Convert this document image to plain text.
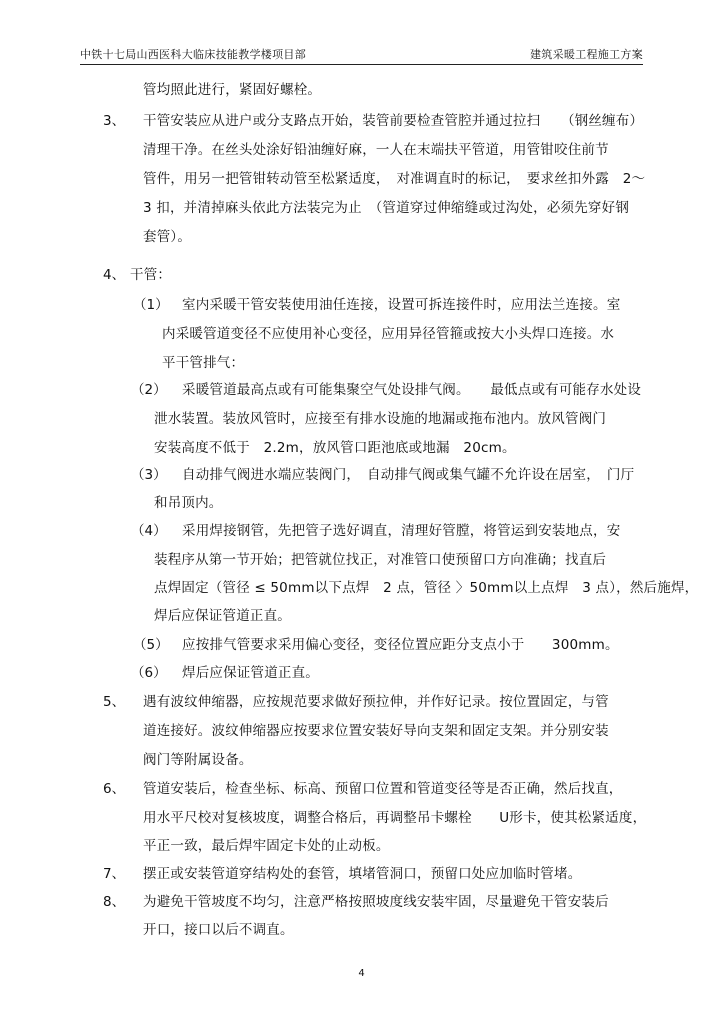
中铁十七局山西医科大临床技能教学楼项目部	建筑采暖工程施工方案
管均照此进行，紧固好螺栓。
3、 干管安装应从进户或分支路点开始，装管前要检查管腔并通过拉扫　　（钢丝缠布）
清理干净。在丝头处涂好铅油缠好麻，一人在末端扶平管道，用管钳咬住前节
管件，用另一把管钳转动管至松紧适度，　对准调直时的标记，　要求丝扣外露　2～
3 扣，并清掉麻头依此方法装完为止　（管道穿过伸缩缝或过沟处，必须先穿好钢
套管）。
4、 干管：
（1） 室内采暖干管安装使用油任连接，设置可拆连接件时，应用法兰连接。室
内采暖管道变径不应使用补心变径，应用异径管箍或按大小头焊口连接。水
平干管排气：
（2） 采暖管道最高点或有可能集聚空气处设排气阀。　　最低点或有可能存水处设
泄水装置。装放风管时，应接至有排水设施的地漏或拖布池内。放风管阀门
安装高度不低于　2.2m，放风管口距池底或地漏　20cm。
（3） 自动排气阀进水端应装阀门，　自动排气阀或集气罐不允许设在居室，　门厅
和吊顶内。
（4） 采用焊接钢管，先把管子选好调直，清理好管膛，将管运到安装地点，安
装程序从第一节开始；把管就位找正，对准管口使预留口方向准确；找直后
点焊固定（管径 ≤ 50mm以下点焊　2 点，管径 〉50mm以上点焊　3 点），然后施焊，
焊后应保证管道正直。
（5） 应按排气管要求采用偏心变径，变径位置应距分支点小于　　300mm。
（6） 焊后应保证管道正直。
5、 遇有波纹伸缩器，应按规范要求做好预拉伸，并作好记录。按位置固定，与管
道连接好。波纹伸缩器应按要求位置安装好导向支架和固定支架。并分别安装
阀门等附属设备。
6、 管道安装后，检查坐标、标高、预留口位置和管道变径等是否正确，然后找直，
用水平尺校对复核坡度，调整合格后，再调整吊卡螺栓　　U形卡，使其松紧适度，
平正一致，最后焊牢固定卡处的止动板。
7、 摆正或安装管道穿结构处的套管，填堵管洞口，预留口处应加临时管堵。
8、 为避免干管坡度不均匀，注意严格按照坡度线安装牢固，尽量避免干管安装后
开口，接口以后不调直。
4
